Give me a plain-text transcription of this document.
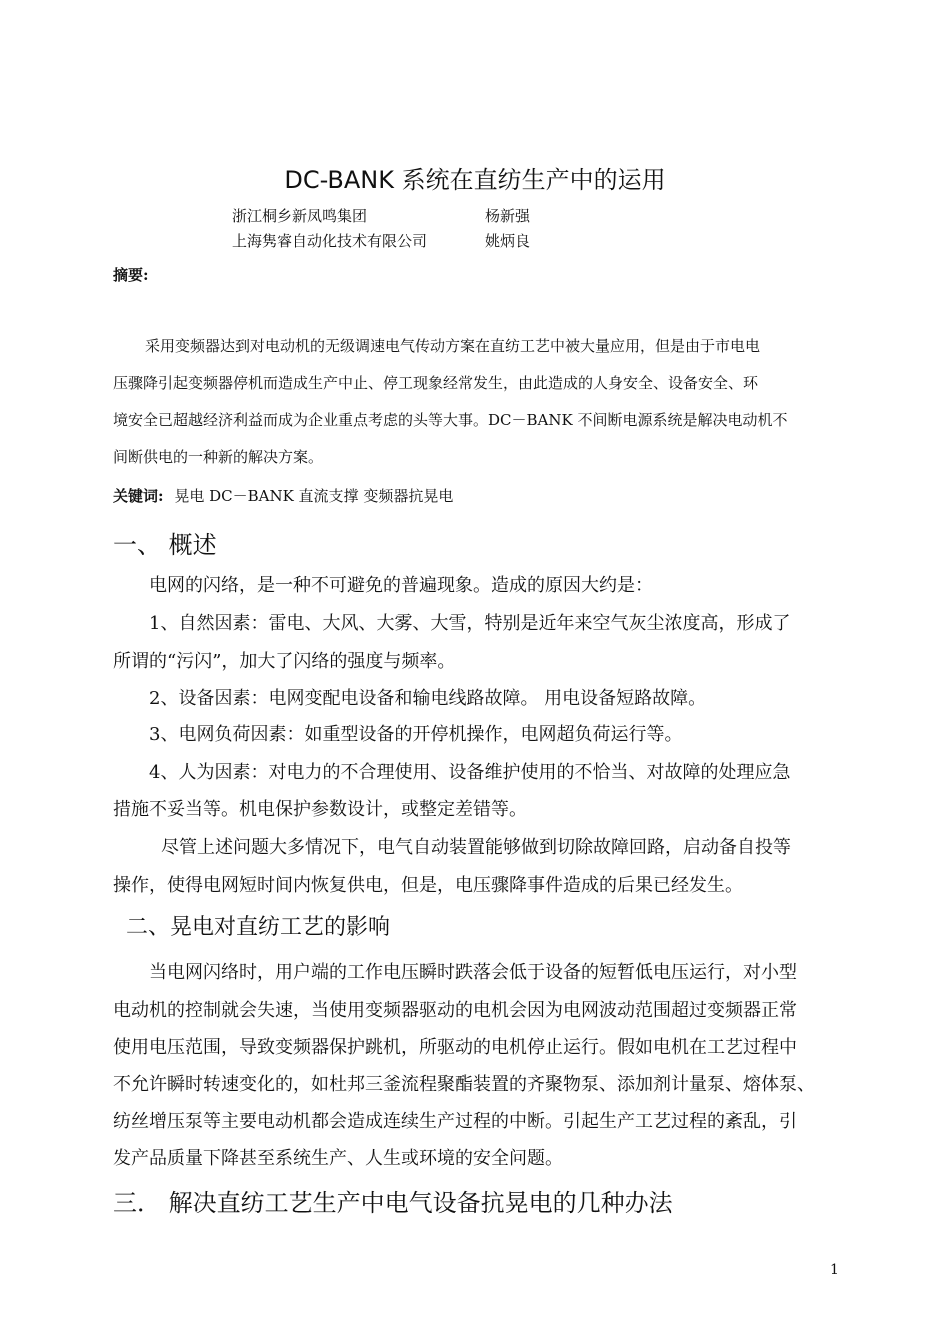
DC-BANK 系统在直纺生产中的运用
浙江桐乡新凤鸣集团	杨新强
上海隽睿自动化技术有限公司	姚炳良
摘要:
采用变频器达到对电动机的无级调速电气传动方案在直纺工艺中被大量应用，但是由于市电电
压骤降引起变频器停机而造成生产中止、停工现象经常发生，由此造成的人身安全、设备安全、环
境安全已超越经济利益而成为企业重点考虑的头等大事。DC－BANK 不间断电源系统是解决电动机不
间断供电的一种新的解决方案。
关键词: 晃电 DC－BANK 直流支撑 变频器抗晃电
一、 概述
电网的闪络，是一种不可避免的普遍现象。造成的原因大约是：
1、自然因素：雷电、大风、大雾、大雪，特别是近年来空气灰尘浓度高，形成了
所谓的“污闪”，加大了闪络的强度与频率。
2、设备因素：电网变配电设备和输电线路故障。 用电设备短路故障。
3、电网负荷因素：如重型设备的开停机操作，电网超负荷运行等。
4、人为因素：对电力的不合理使用、设备维护使用的不恰当、对故障的处理应急
措施不妥当等。机电保护参数设计，或整定差错等。
尽管上述问题大多情况下，电气自动装置能够做到切除故障回路，启动备自投等
操作，使得电网短时间内恢复供电，但是，电压骤降事件造成的后果已经发生。
二、晃电对直纺工艺的影响
当电网闪络时，用户端的工作电压瞬时跌落会低于设备的短暂低电压运行，对小型
电动机的控制就会失速，当使用变频器驱动的电机会因为电网波动范围超过变频器正常
使用电压范围，导致变频器保护跳机，所驱动的电机停止运行。假如电机在工艺过程中
不允许瞬时转速变化的，如杜邦三釜流程聚酯装置的齐聚物泵、添加剂计量泵、熔体泵、
纺丝增压泵等主要电动机都会造成连续生产过程的中断。引起生产工艺过程的紊乱，引
发产品质量下降甚至系统生产、人生或环境的安全问题。
三． 解决直纺工艺生产中电气设备抗晃电的几种办法
1
